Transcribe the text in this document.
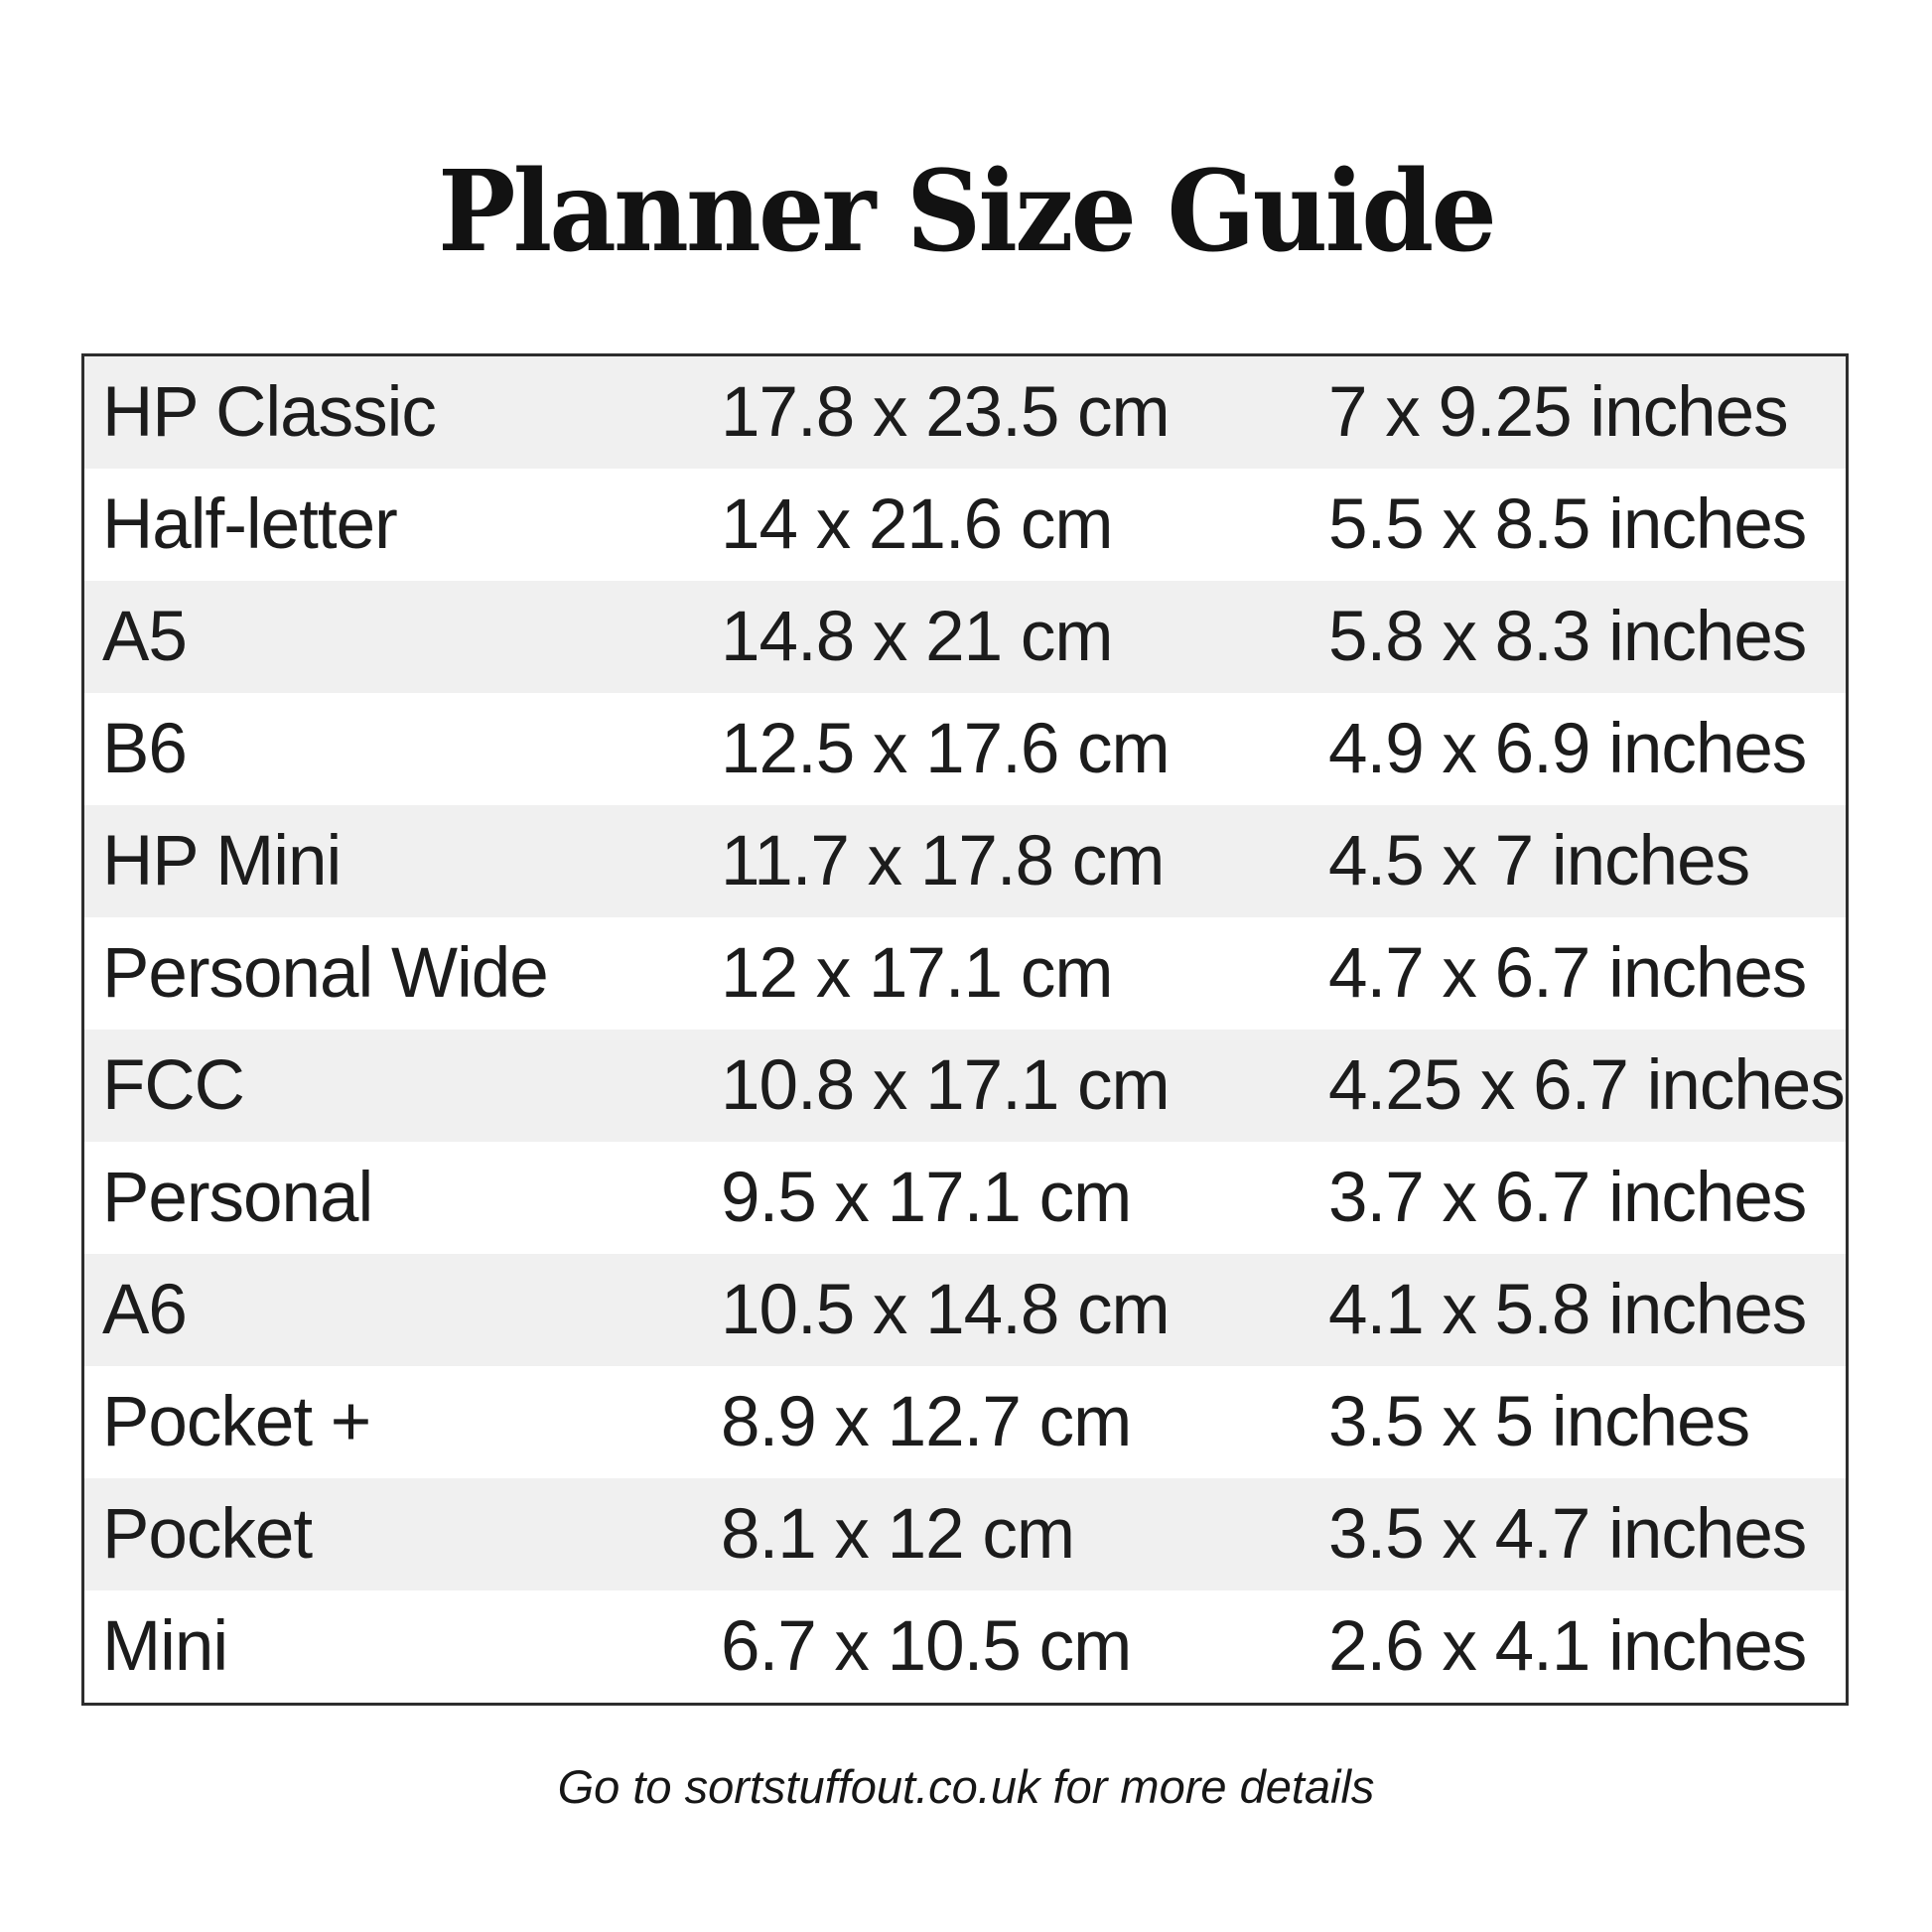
Planner Size Guide
HP Classic	17.8 x 23.5 cm	7 x 9.25 inches
Half-letter	14 x 21.6 cm	5.5 x 8.5 inches
A5	14.8 x 21 cm	5.8 x 8.3 inches
B6	12.5 x 17.6 cm	4.9 x 6.9 inches
HP Mini	11.7 x 17.8 cm	4.5 x 7 inches
Personal Wide	12 x 17.1 cm	4.7 x 6.7 inches
FCC	10.8 x 17.1 cm	4.25 x 6.7 inches
Personal	9.5 x 17.1 cm	3.7 x 6.7 inches
A6	10.5 x 14.8 cm	4.1 x 5.8 inches
Pocket +	8.9 x 12.7 cm	3.5 x 5 inches
Pocket	8.1 x 12 cm	3.5 x 4.7 inches
Mini	6.7 x 10.5 cm	2.6 x 4.1 inches
Go to sortstuffout.co.uk for more details
